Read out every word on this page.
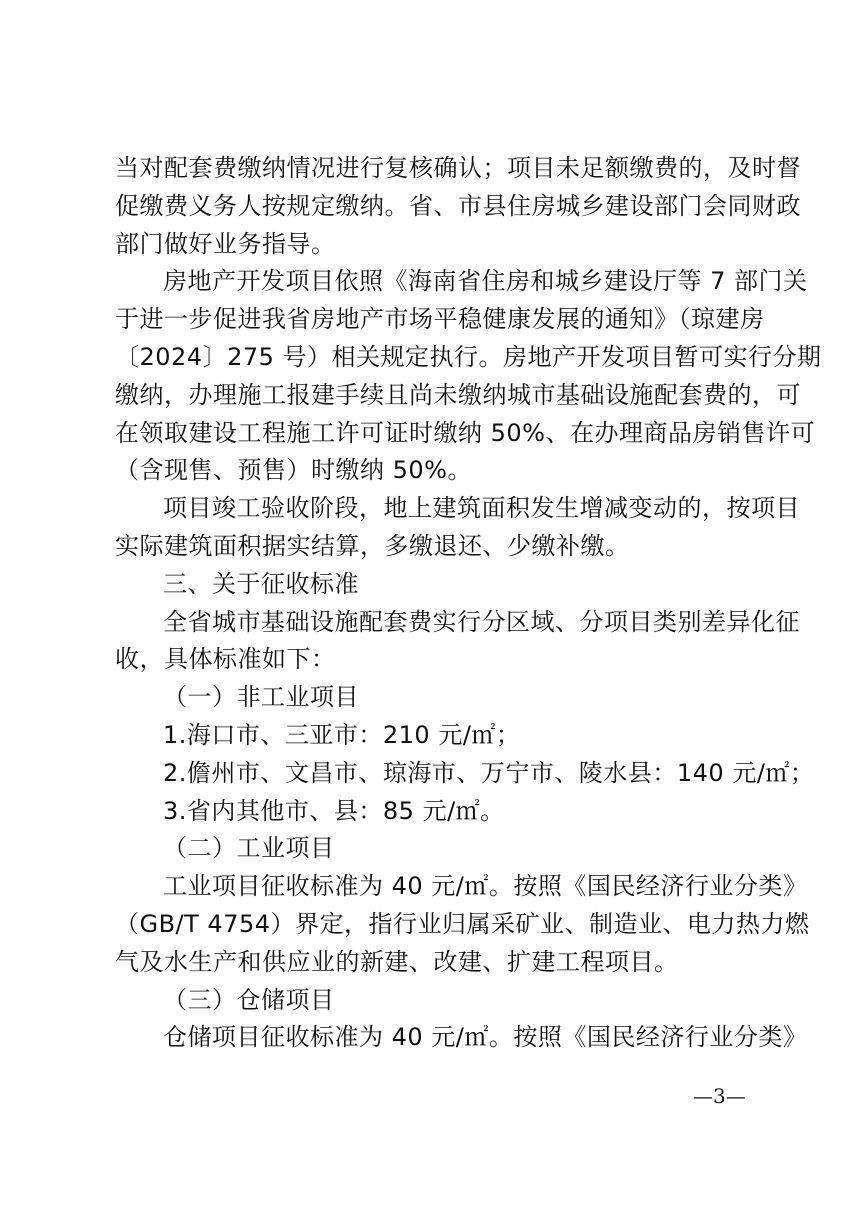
当对配套费缴纳情况进行复核确认；项目未足额缴费的，及时督
促缴费义务人按规定缴纳。省、市县住房城乡建设部门会同财政
部门做好业务指导。
房地产开发项目依照《海南省住房和城乡建设厅等 7 部门关
于进一步促进我省房地产市场平稳健康发展的通知》（琼建房
〔2024〕275 号）相关规定执行。房地产开发项目暂可实行分期
缴纳，办理施工报建手续且尚未缴纳城市基础设施配套费的，可
在领取建设工程施工许可证时缴纳 50%、在办理商品房销售许可
（含现售、预售）时缴纳 50%。
项目竣工验收阶段，地上建筑面积发生增减变动的，按项目
实际建筑面积据实结算，多缴退还、少缴补缴。
三、关于征收标准
全省城市基础设施配套费实行分区域、分项目类别差异化征
收，具体标准如下：
（一）非工业项目
1.海口市、三亚市：210 元/㎡；
2.儋州市、文昌市、琼海市、万宁市、陵水县：140 元/㎡；
3.省内其他市、县：85 元/㎡。
（二）工业项目
工业项目征收标准为 40 元/㎡。按照《国民经济行业分类》
（GB/T 4754）界定，指行业归属采矿业、制造业、电力热力燃
气及水生产和供应业的新建、改建、扩建工程项目。
（三）仓储项目
仓储项目征收标准为 40 元/㎡。按照《国民经济行业分类》
—3—
